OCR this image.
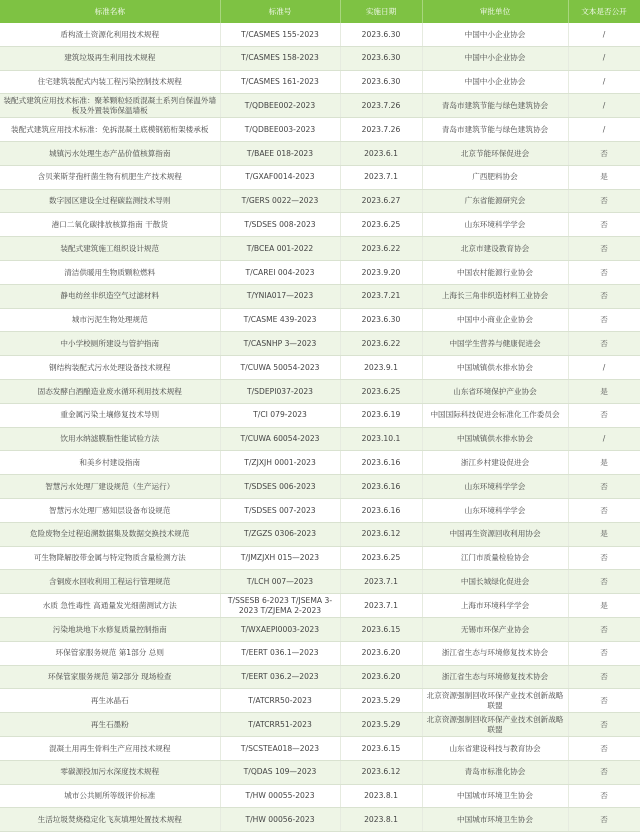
标准名称	标准号	实施日期	审批单位	文本是否公开
盾构渣土资源化利用技术规程	T/CASMES 155-2023	2023.6.30	中国中小企业协会	/
建筑垃圾再生利用技术规程	T/CASMES 158-2023	2023.6.30	中国中小企业协会	/
住宅建筑装配式内装工程污染控制技术规程	T/CASMES 161-2023	2023.6.30	中国中小企业协会	/
装配式建筑应用技术标准：聚苯颗粒轻质混凝土系列自保温外墙板及外置装饰保温墙板	T/QDBEE002-2023	2023.7.26	青岛市建筑节能与绿色建筑协会	/
装配式建筑应用技术标准：免拆混凝土底模钢筋桁架楼承板	T/QDBEE003-2023	2023.7.26	青岛市建筑节能与绿色建筑协会	/
城镇污水处理生态产品价值核算指南	T/BAEE 018-2023	2023.6.1	北京节能环保促进会	否
含贝莱斯芽孢杆菌生物有机肥生产技术规程	T/GXAF0014-2023	2023.7.1	广西肥料协会	是
数字园区建设全过程碳监测技术导则	T/GERS 0022—2023	2023.6.27	广东省能源研究会	否
港口二氧化碳排放核算指南 干散货	T/SDSES 008-2023	2023.6.25	山东环境科学学会	否
装配式建筑施工组织设计规范	T/BCEA 001-2022	2023.6.22	北京市建设教育协会	否
清洁供暖用生物质颗粒燃料	T/CAREI 004-2023	2023.9.20	中国农村能源行业协会	否
静电纺丝非织造空气过滤材料	T/YNIA017—2023	2023.7.21	上海长三角非织造材料工业协会	否
城市污泥生物处理规范	T/CASME 439-2023	2023.6.30	中国中小商业企业协会	否
中小学校厕所建设与管护指南	T/CASNHP 3—2023	2023.6.22	中国学生营养与健康促进会	否
钢结构装配式污水处理设备技术规程	T/CUWA 50054-2023	2023.9.1	中国城镇供水排水协会	/
固态发酵白酒酿造业废水循环利用技术规程	T/SDEPI037-2023	2023.6.25	山东省环境保护产业协会	是
重金属污染土壤修复技术导则	T/CI 079-2023	2023.6.19	中国国际科技促进会标准化工作委员会	否
饮用水纳滤膜脂性能试验方法	T/CUWA 60054-2023	2023.10.1	中国城镇供水排水协会	/
和美乡村建设指南	T/ZJXJH 0001-2023	2023.6.16	浙江乡村建设促进会	是
智慧污水处理厂建设规范（生产运行）	T/SDSES 006-2023	2023.6.16	山东环境科学学会	否
智慧污水处理厂感知层设备布设规范	T/SDSES 007-2023	2023.6.16	山东环境科学学会	否
危险废物全过程追溯数据集及数据交换技术规范	T/ZGZS 0306-2023	2023.6.12	中国再生资源回收利用协会	是
可生物降解胶带金属与特定物质含量检测方法	T/JMZJXH 015—2023	2023.6.25	江门市质量检验协会	否
含铜废水回收利用工程运行管理规范	T/LCH 007—2023	2023.7.1	中国长城绿化促进会	否
水质 急性毒性 高通量发光细菌测试方法	T/SSESB 6-2023 T/JSEMA 3-2023 T/ZJEMA 2-2023	2023.7.1	上海市环境科学学会	是
污染地块地下水修复质量控制指南	T/WXAEPI0003-2023	2023.6.15	无锡市环保产业协会	否
环保管家服务规范 第1部分 总则	T/EERT 036.1—2023	2023.6.20	浙江省生态与环境修复技术协会	否
环保管家服务规范 第2部分 现场检查	T/EERT 036.2—2023	2023.6.20	浙江省生态与环境修复技术协会	否
再生冰晶石	T/ATCRR50-2023	2023.5.29	北京资源强制回收环保产业技术创新战略联盟	否
再生石墨粉	T/ATCRR51-2023	2023.5.29	北京资源强制回收环保产业技术创新战略联盟	否
混凝土用再生骨料生产应用技术规程	T/SCSTEA018—2023	2023.6.15	山东省建设科技与教育协会	否
零碳源投加污水深度技术规程	T/QDAS 109—2023	2023.6.12	青岛市标准化协会	否
城市公共厕所等级评价标准	T/HW 00055-2023	2023.8.1	中国城市环境卫生协会	否
生活垃圾焚烧稳定化飞灰填埋处置技术规程	T/HW 00056-2023	2023.8.1	中国城市环境卫生协会	否
